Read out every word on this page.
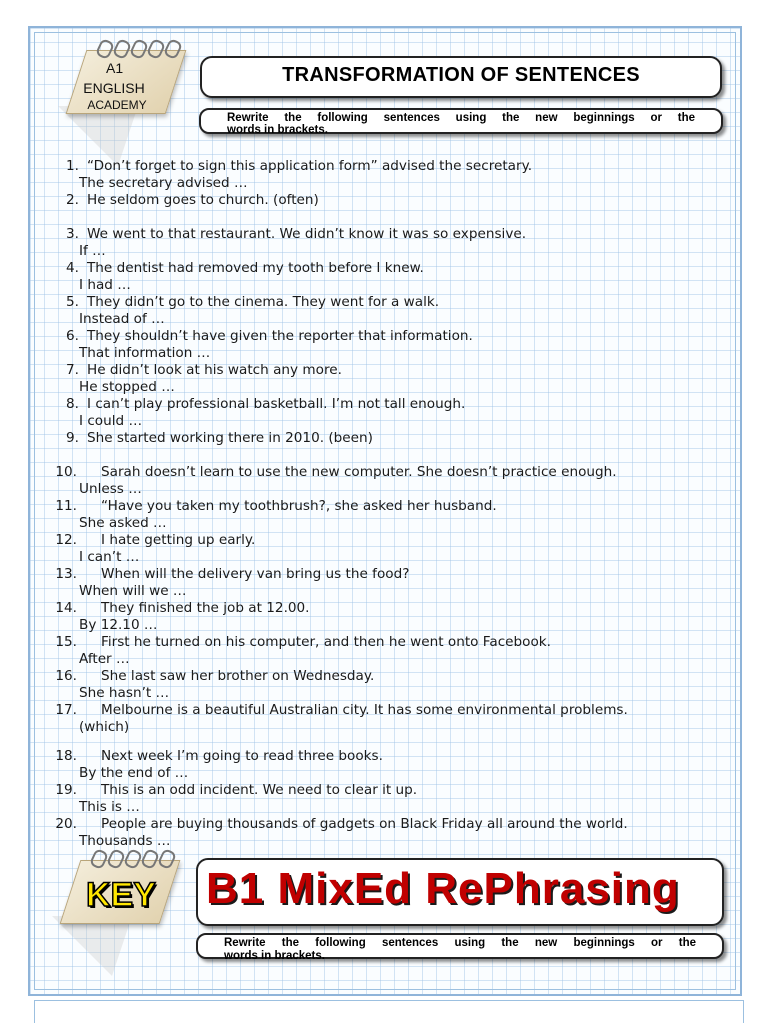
A1
ENGLISH
ACADEMY
TRANSFORMATION OF SENTENCES
Rewrite the following sentences using the new beginnings or the
words in brackets.
1. “Don’t forget to sign this application form” advised the secretary.
The secretary advised …
2. He seldom goes to church. (often)
3. We went to that restaurant. We didn’t know it was so expensive.
If …
4. The dentist had removed my tooth before I knew.
I had …
5. They didn’t go to the cinema. They went for a walk.
Instead of …
6. They shouldn’t have given the reporter that information.
That information …
7. He didn’t look at his watch any more.
He stopped …
8. I can’t play professional basketball. I’m not tall enough.
I could …
9. She started working there in 2010. (been)
10. Sarah doesn’t learn to use the new computer. She doesn’t practice enough.
Unless …
11. “Have you taken my toothbrush?, she asked her husband.
She asked …
12. I hate getting up early.
I can’t …
13. When will the delivery van bring us the food?
When will we …
14. They finished the job at 12.00.
By 12.10 …
15. First he turned on his computer, and then he went onto Facebook.
After …
16. She last saw her brother on Wednesday.
She hasn’t …
17. Melbourne is a beautiful Australian city. It has some environmental problems.
(which)
18. Next week I’m going to read three books.
By the end of …
19. This is an odd incident. We need to clear it up.
This is …
20. People are buying thousands of gadgets on Black Friday all around the world.
Thousands …
KEY B1 MixEd RePhrasing
Rewrite the following sentences using the new beginnings or the
words in brackets.
